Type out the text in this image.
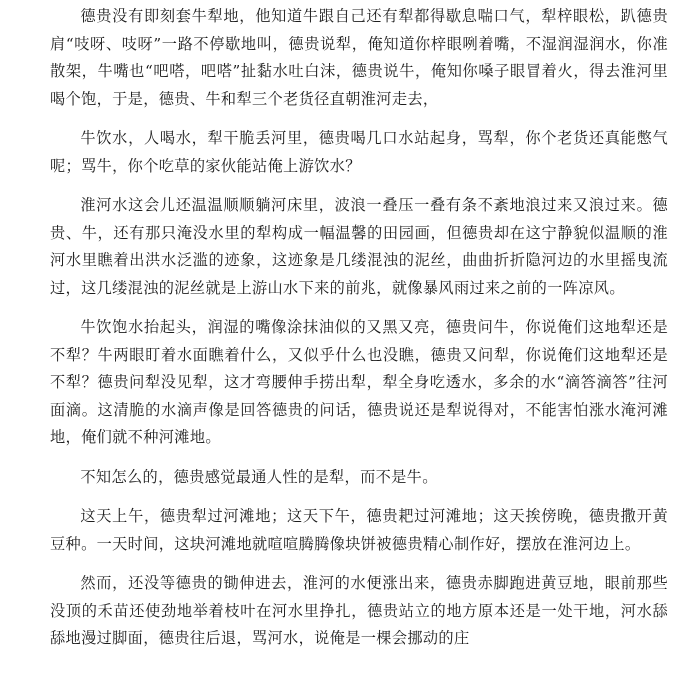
德贵没有即刻套牛犁地，他知道牛跟自己还有犁都得歇息喘口气，犁梓眼松，趴德贵肩“吱呀、吱呀”一路不停歇地叫，德贵说犁，俺知道你梓眼咧着嘴，不湿润湿润水，你准散架，牛嘴也“吧嗒，吧嗒”扯黏水吐白沫，德贵说牛，俺知你嗓子眼冒着火，得去淮河里喝个饱，于是，德贵、牛和犁三个老货径直朝淮河走去，

牛饮水，人喝水，犁干脆丢河里，德贵喝几口水站起身，骂犁，你个老货还真能憋气呢；骂牛，你个吃草的家伙能站俺上游饮水？

淮河水这会儿还温温顺顺躺河床里，波浪一叠压一叠有条不紊地浪过来又浪过来。德贵、牛，还有那只淹没水里的犁构成一幅温馨的田园画，但德贵却在这宁静貌似温顺的淮河水里瞧着出洪水泛滥的迹象，这迹象是几缕混浊的泥丝，曲曲折折隐河边的水里摇曳流过，这几缕混浊的泥丝就是上游山水下来的前兆，就像暴风雨过来之前的一阵凉风。

牛饮饱水抬起头，润湿的嘴像涂抹油似的又黑又亮，德贵问牛，你说俺们这地犁还是不犁？牛两眼盯着水面瞧着什么，又似乎什么也没瞧，德贵又问犁，你说俺们这地犁还是不犁？德贵问犁没见犁，这才弯腰伸手捞出犁，犁全身吃透水，多余的水“滴答滴答”往河面滴。这清脆的水滴声像是回答德贵的问话，德贵说还是犁说得对，不能害怕涨水淹河滩地，俺们就不种河滩地。

不知怎么的，德贵感觉最通人性的是犁，而不是牛。

这天上午，德贵犁过河滩地；这天下午，德贵耙过河滩地；这天挨傍晚，德贵撒开黄豆种。一天时间，这块河滩地就喧喧腾腾像块饼被德贵精心制作好，摆放在淮河边上。

然而，还没等德贵的锄伸进去，淮河的水便涨出来，德贵赤脚跑进黄豆地，眼前那些没顶的禾苗还使劲地举着枝叶在河水里挣扎，德贵站立的地方原本还是一处干地，河水舔舔地漫过脚面，德贵往后退，骂河水，说俺是一棵会挪动的庄
